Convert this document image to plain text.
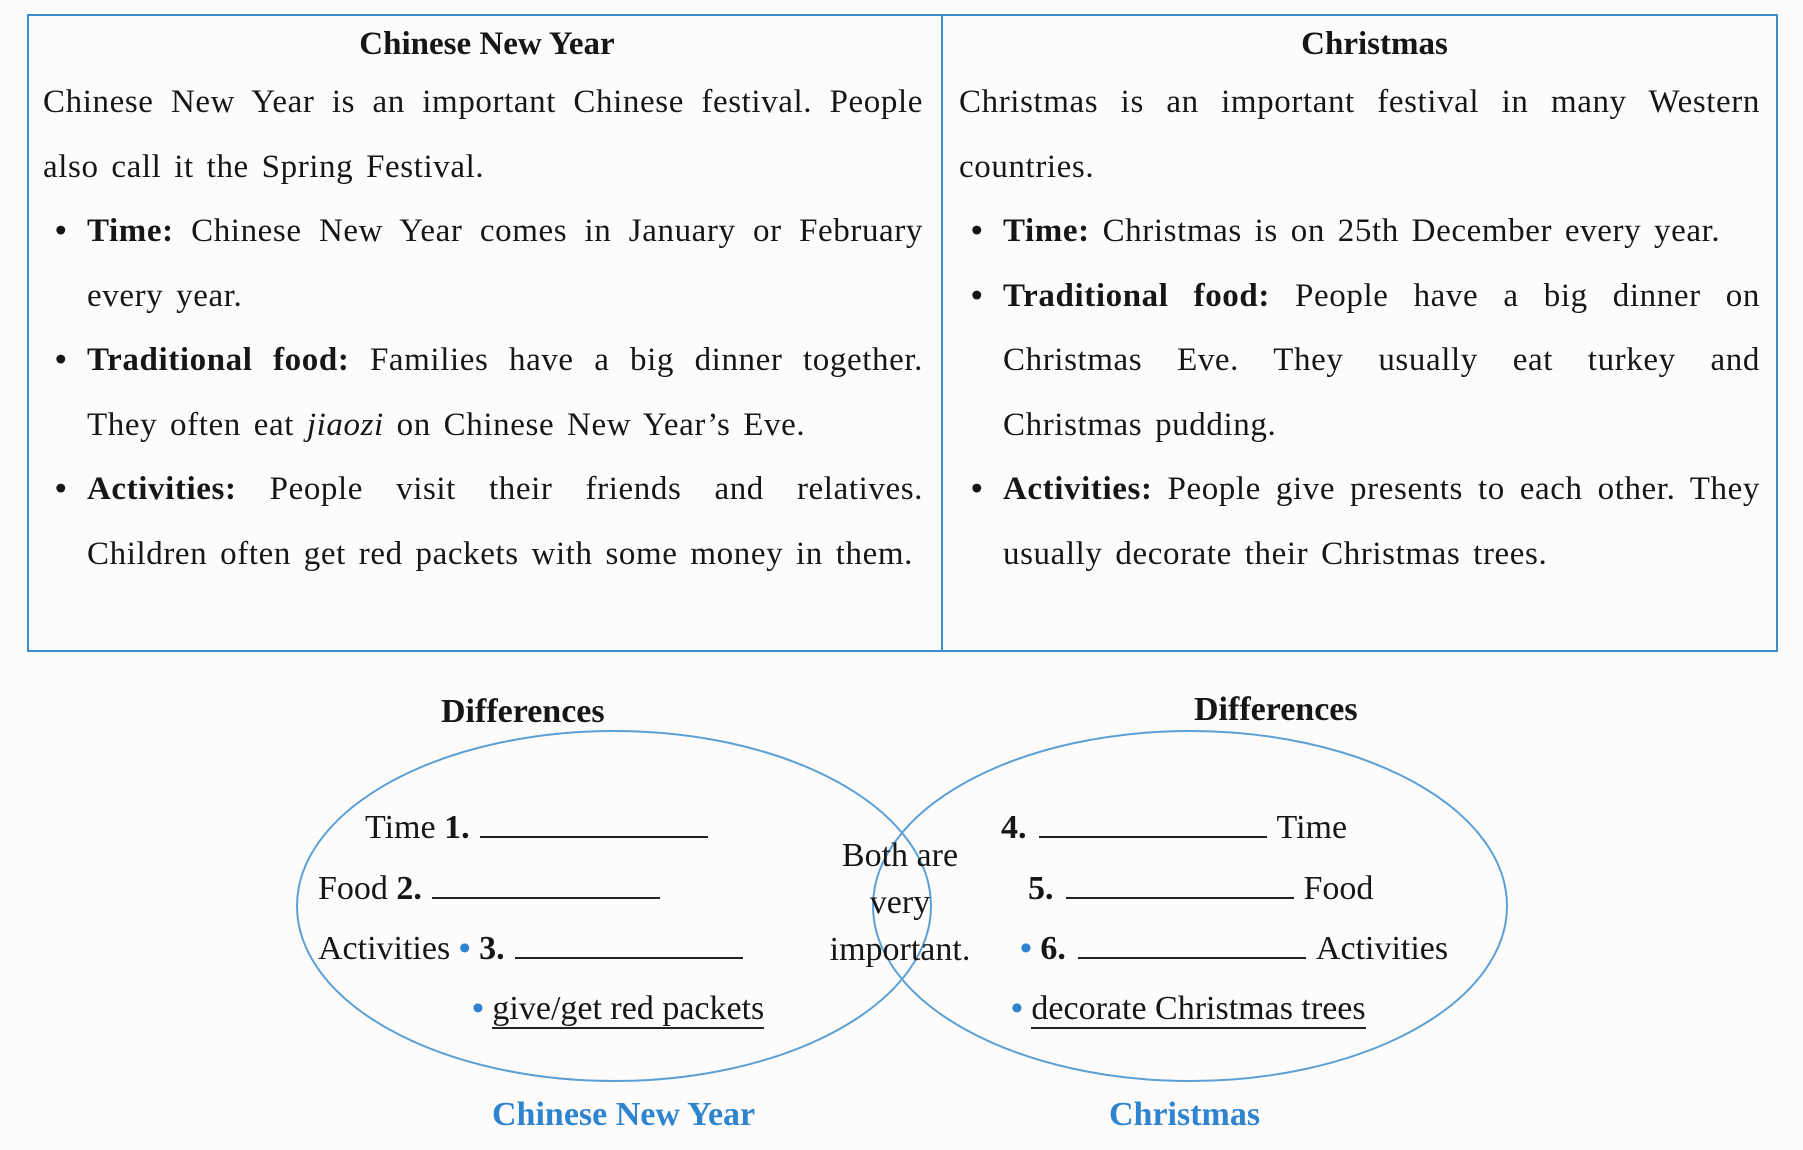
Chinese New Year
Chinese New Year is an important Chinese festival. People also call it the Spring Festival.
• Time: Chinese New Year comes in January or February every year.
• Traditional food: Families have a big dinner together. They often eat jiaozi on Chinese New Year’s Eve.
• Activities: People visit their friends and relatives. Children often get red packets with some money in them.
Christmas
Christmas is an important festival in many Western countries.
• Time: Christmas is on 25th December every year.
• Traditional food: People have a big dinner on Christmas Eve. They usually eat turkey and Christmas pudding.
• Activities: People give presents to each other. They usually decorate their Christmas trees.
Differences	Differences
Both are
very
important.
Time 1.
Food 2.
Activities • 3.
• give/get red packets
4.	Time
5.	Food
• 6.	Activities
• decorate Christmas trees
Chinese New Year	Christmas
